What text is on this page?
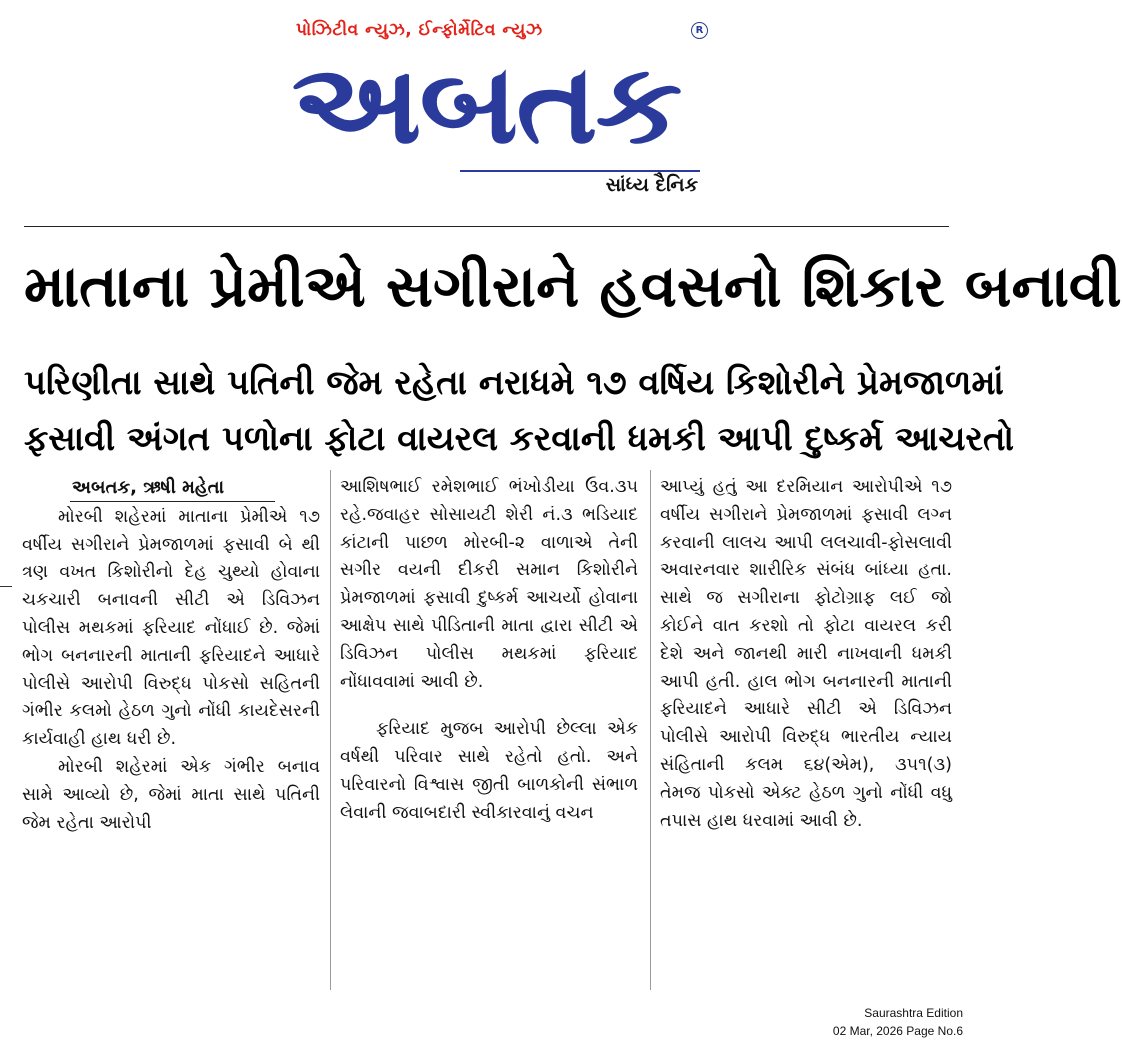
પોઝિટીવ ન્યુઝ, ઈન્ફોર્મેટિવ ન્યુઝ	R
અબતક
સાંધ્ય દૈનિક
માતાના પ્રેમીએ સગીરાને હવસનો શિકાર બનાવી
પરિણીતા સાથે પતિની જેમ રહેતા નરાધમે ૧૭ વર્ષિય કિશોરીને પ્રેમજાળમાં
ફસાવી અંગત પળોના ફોટા વાયરલ કરવાની ધમકી આપી દુષ્કર્મ આચરતો
અબતક, ઋષી મહેતા

મોરબી શહેરમાં માતાના પ્રેમીએ ૧૭ વર્ષીય સગીરાને પ્રેમજાળમાં ફસાવી બે થી ત્રણ વખત કિશોરીનો દેહ ચુથ્યો હોવાના ચકચારી બનાવની સીટી એ ડિવિઝન પોલીસ મથકમાં ફરિયાદ નોંધાઈ છે. જેમાં ભોગ બનનારની માતાની ફરિયાદને આધારે પોલીસે આરોપી વિરુદ્ધ પોકસો સહિતની ગંભીર કલમો હેઠળ ગુનો નોંધી કાયદેસરની કાર્યવાહી હાથ ધરી છે.

મોરબી શહેરમાં એક ગંભીર બનાવ સામે આવ્યો છે, જેમાં માતા સાથે પતિની જેમ રહેતા આરોપી

આશિષભાઈ રમેશભાઈ ભંખોડીયા ઉવ.૩૫ રહે.જવાહર સોસાયટી શેરી નં.૩ ભડિયાદ કાંટાની પાછળ મોરબી-૨ વાળાએ તેની સગીર વયની દીકરી સમાન કિશોરીને પ્રેમજાળમાં ફસાવી દુષ્કર્મ આચર્યો હોવાના આક્ષેપ સાથે પીડિતાની માતા દ્વારા સીટી એ ડિવિઝન પોલીસ મથકમાં ફરિયાદ નોંધાવવામાં આવી છે.

ફરિયાદ મુજબ આરોપી છેલ્લા એક વર્ષથી પરિવાર સાથે રહેતો હતો. અને પરિવારનો વિશ્વાસ જીતી બાળકોની સંભાળ લેવાની જવાબદારી સ્વીકારવાનું વચન

આપ્યું હતું આ દરમિયાન આરોપીએ ૧૭ વર્ષીય સગીરાને પ્રેમજાળમાં ફસાવી લગ્ન કરવાની લાલચ આપી લલચાવી-ફોસલાવી અવારનવાર શારીરિક સંબંધ બાંધ્યા હતા. સાથે જ સગીરાના ફોટોગ્રાફ લઈ જો કોઈને વાત કરશો તો ફોટા વાયરલ કરી દેશે અને જાનથી મારી નાખવાની ધમકી આપી હતી. હાલ ભોગ બનનારની માતાની ફરિયાદને આધારે સીટી એ ડિવિઝન પોલીસે આરોપી વિરુદ્ધ ભારતીય ન્યાય સંહિતાની કલમ ૬૪(એમ), ૩૫૧(૩) તેમજ પોકસો એક્ટ હેઠળ ગુનો નોંધી વધુ તપાસ હાથ ધરવામાં આવી છે.

Saurashtra Edition
02 Mar, 2026 Page No.6
